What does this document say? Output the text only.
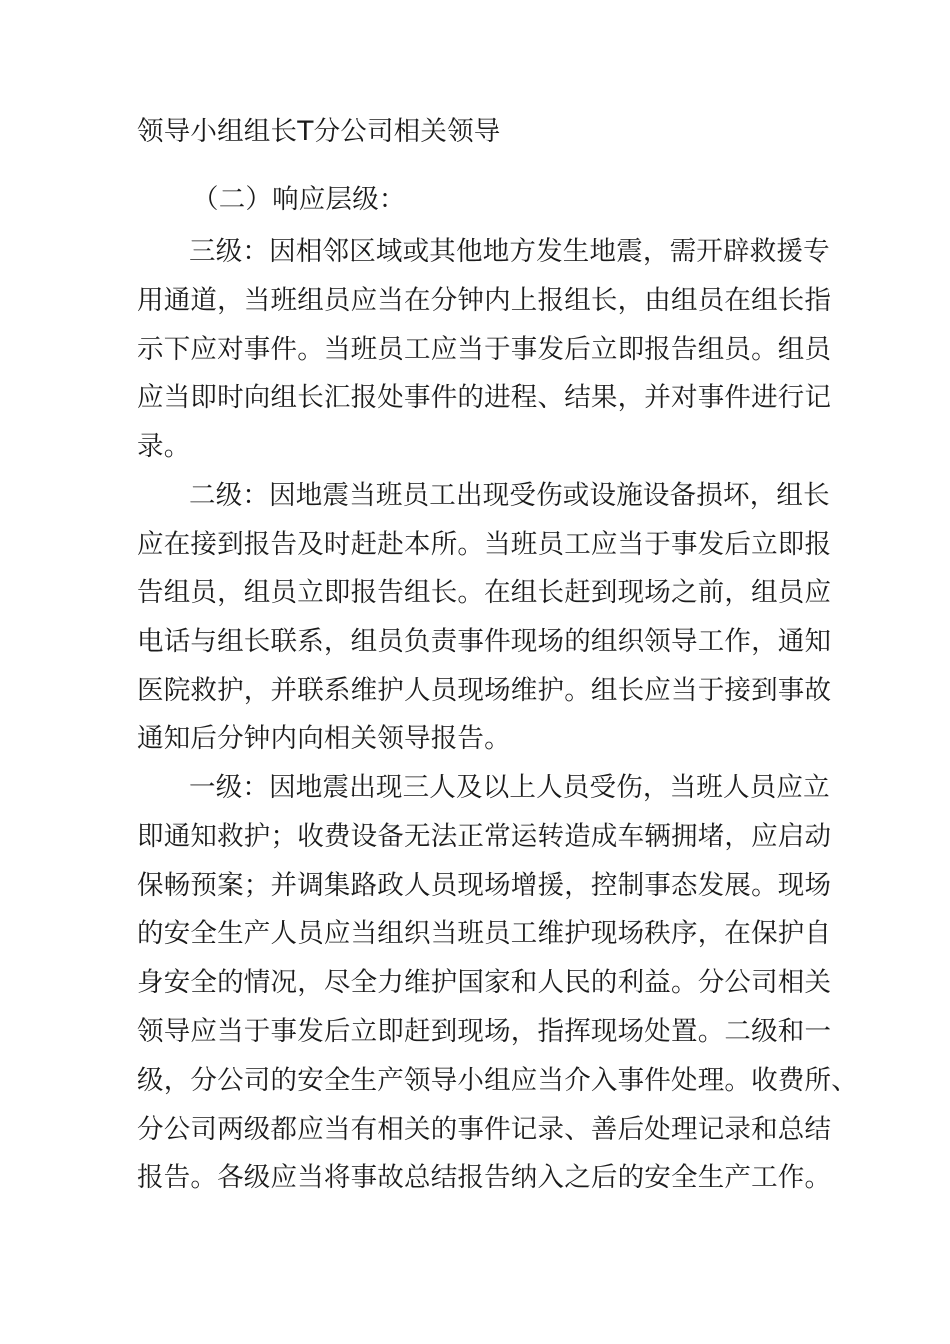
领导小组组长T分公司相关领导
（二）响应层级：
三级：因相邻区域或其他地方发生地震，需开辟救援专
用通道，当班组员应当在分钟内上报组长，由组员在组长指
示下应对事件。当班员工应当于事发后立即报告组员。组员
应当即时向组长汇报处事件的进程、结果，并对事件进行记
录。
二级：因地震当班员工出现受伤或设施设备损坏，组长
应在接到报告及时赶赴本所。当班员工应当于事发后立即报
告组员，组员立即报告组长。在组长赶到现场之前，组员应
电话与组长联系，组员负责事件现场的组织领导工作，通知
医院救护，并联系维护人员现场维护。组长应当于接到事故
通知后分钟内向相关领导报告。
一级：因地震出现三人及以上人员受伤，当班人员应立
即通知救护；收费设备无法正常运转造成车辆拥堵，应启动
保畅预案；并调集路政人员现场增援，控制事态发展。现场
的安全生产人员应当组织当班员工维护现场秩序，在保护自
身安全的情况，尽全力维护国家和人民的利益。分公司相关
领导应当于事发后立即赶到现场，指挥现场处置。二级和一
级，分公司的安全生产领导小组应当介入事件处理。收费所、
分公司两级都应当有相关的事件记录、善后处理记录和总结
报告。各级应当将事故总结报告纳入之后的安全生产工作。
